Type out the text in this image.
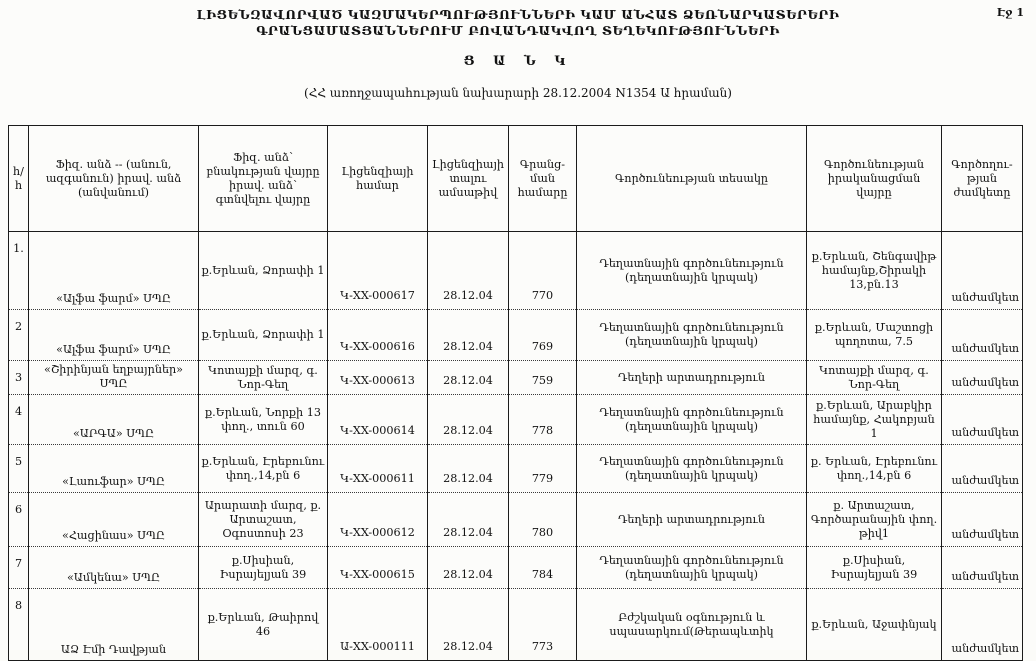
Էջ 1
ԼԻՑԵՆԶԱՎՈՐՎԱԾ ԿԱԶՄԱԿԵՐՊՈՒԹՅՈՒՆՆԵՐԻ ԿԱՄ ԱՆՀԱՏ ՁԵՌՆԱՐԿԱՏԵՐԵՐԻ
ԳՐԱՆՑԱՄԱՏՅԱՆՆԵՐՈՒՄ ԲՈՎԱՆԴԱԿՎՈՂ ՏԵՂԵԿՈՒԹՅՈՒՆՆԵՐԻ
Ց Ա Ն Կ
(ՀՀ առողջապահության նախարարի 28.12.2004 N1354 Ա հրաման)
հ/հ	Ֆիզ. անձ -- (անուն, ազգանուն) իրավ. անձ (անվանում)	Ֆիզ. անձ՝ բնակության վայրը իրավ. անձ՝ գտնվելու վայրը	Լիցենզիայի համար	Լիցենզիայի տալու ամսաթիվ	Գրանց- ման համարը	Գործունեության տեսակը	Գործունեության իրականացման վայրը	Գործողու- թյան ժամկետը
1.	«Ալֆա ֆարմ» ՍՊԸ	ք.Երևան, Ձորափի 1	Կ-XX-000617	28.12.04	770	Դեղատնային գործունեություն (դեղատնային կրպակ)	ք.Երևան, Շենգավիթ համայնք,Շիրակի 13,բն.13	անժամկետ
2	«Ալֆա ֆարմ» ՍՊԸ	ք.Երևան, Ձորափի 1	Կ-XX-000616	28.12.04	769	Դեղատնային գործունեություն (դեղատնային կրպակ)	ք.Երևան, Մաշտոցի պողոտա, 7.5	անժամկետ
3	«Շիրինյան եղբայրներ» ՍՊԸ	Կոտայքի մարզ, գ. Նոր-Գեղ	Կ-XX-000613	28.12.04	759	Դեղերի արտադրություն	Կոտայքի մարզ, գ. Նոր-Գեղ	անժամկետ
4	«ԱՐԳԱ» ՍՊԸ	ք.Երևան, Նորքի 13 փող., տուն 60	Կ-XX-000614	28.12.04	778	Դեղատնային գործունեություն (դեղատնային կրպակ)	ք.Երևան, Արաբկիր համայնք, Հակոբյան 1	անժամկետ
5	«Լաուֆար» ՍՊԸ	ք.Երևան, Էրեբունու փող.,14,բն 6	Կ-XX-000611	28.12.04	779	Դեղատնային գործունեություն (դեղատնային կրպակ)	ք. Երևան, Էրեբունու փող.,14,բն 6	անժամկետ
6	«Հացինաս» ՍՊԸ	Արարատի մարզ, ք. Արտաշատ, Օգոստոսի 23	Կ-XX-000612	28.12.04	780	Դեղերի արտադրություն	ք. Արտաշատ, Գործարանային փող. թիվ1	անժամկետ
7	«Ամկենա» ՍՊԸ	ք.Սիսիան, Իսրայելյան 39	Կ-XX-000615	28.12.04	784	Դեղատնային գործունեություն (դեղատնային կրպակ)	ք.Սիսիան, Իսրայելյան 39	անժամկետ
8	ԱՁ Էմի Դավթյան	ք.Երևան, Թաիրով 46	Ա-XX-000111	28.12.04	773	Բժշկական օգնություն և սպասարկում(Թերապևտիկ	ք.Երևան, Աջափնյակ	անժամկետ
